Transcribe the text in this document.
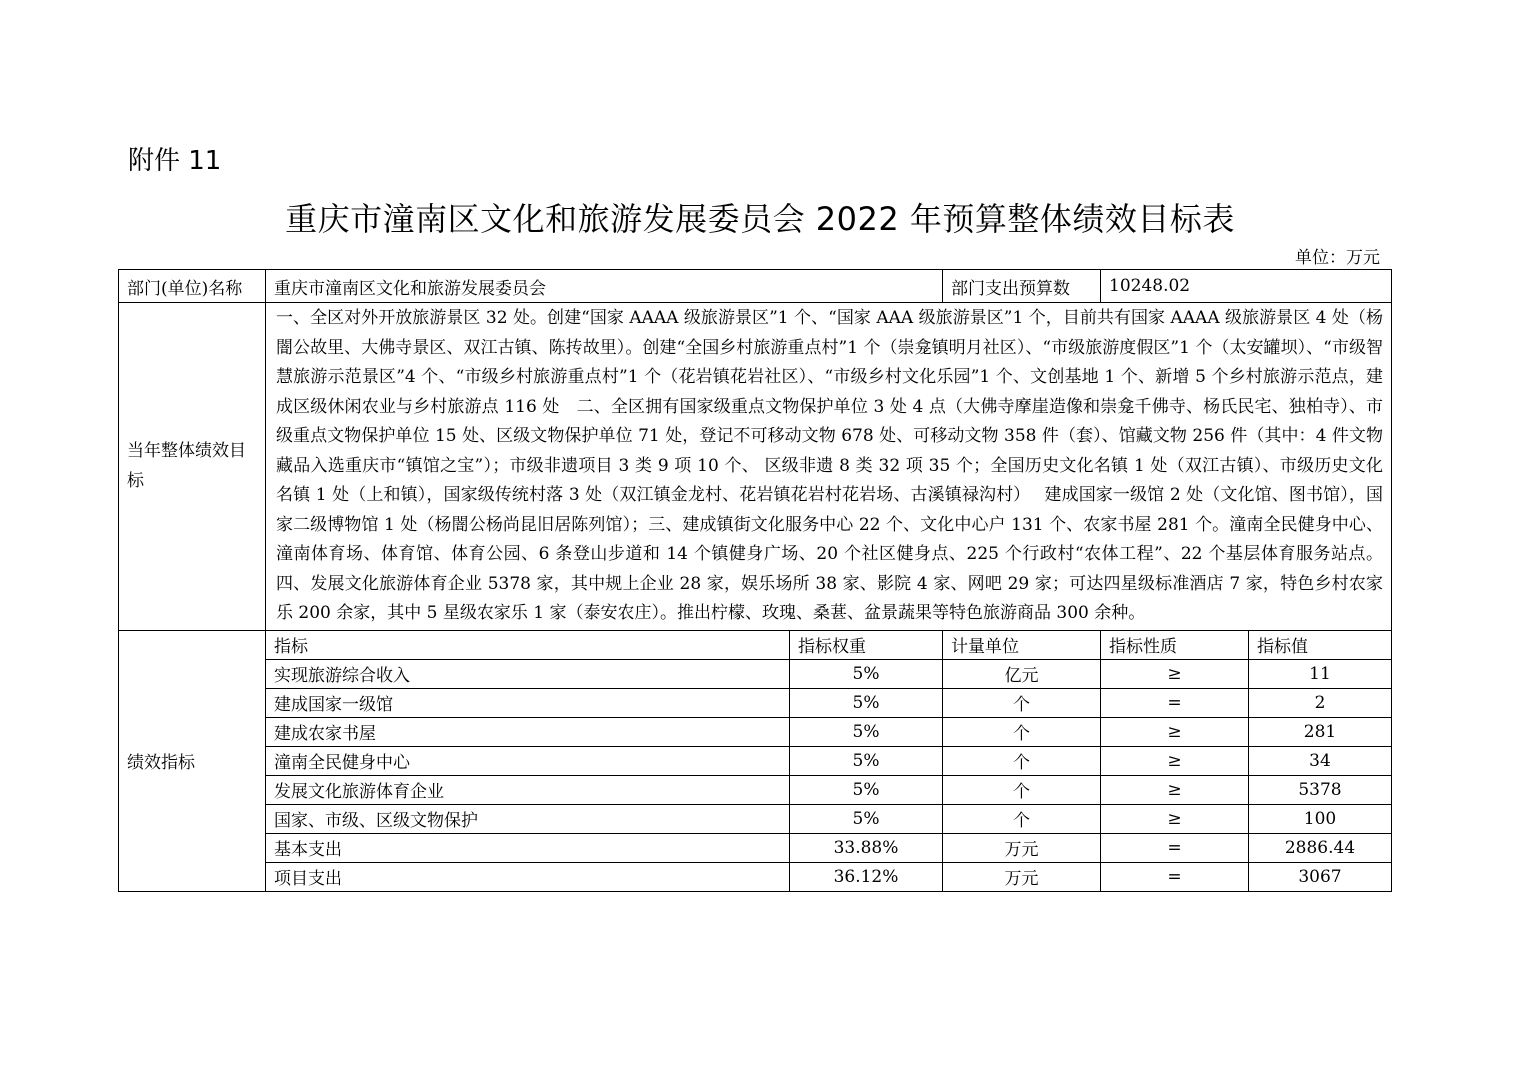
附件 11
重庆市潼南区文化和旅游发展委员会 2022 年预算整体绩效目标表
单位：万元
部门(单位)名称	重庆市潼南区文化和旅游发展委员会		部门支出预算数	10248.02	
当年整体绩效目标	一、全区对外开放旅游景区 32 处。创建“国家 AAAA 级旅游景区”1 个、“国家 AAA 级旅游景区”1 个，目前共有国家 AAAA 级旅游景区 4 处（杨闇公故里、大佛寺景区、双江古镇、陈抟故里）。创建“全国乡村旅游重点村”1 个（崇龛镇明月社区）、“市级旅游度假区”1 个（太安罐坝）、“市级智慧旅游示范景区”4 个、“市级乡村旅游重点村”1 个（花岩镇花岩社区）、“市级乡村文化乐园”1 个、文创基地 1 个、新增 5 个乡村旅游示范点，建成区级休闲农业与乡村旅游点 116 处　二、全区拥有国家级重点文物保护单位 3 处 4 点（大佛寺摩崖造像和崇龛千佛寺、杨氏民宅、独柏寺）、市级重点文物保护单位 15 处、区级文物保护单位 71 处，登记不可移动文物 678 处、可移动文物 358 件（套）、馆藏文物 256 件（其中：4 件文物藏品入选重庆市“镇馆之宝”）；市级非遗项目 3 类 9 项 10 个、 区级非遗 8 类 32 项 35 个；全国历史文化名镇 1 处（双江古镇）、市级历史文化名镇 1 处（上和镇），国家级传统村落 3 处（双江镇金龙村、花岩镇花岩村花岩场、古溪镇禄沟村）　 建成国家一级馆 2 处（文化馆、图书馆），国家二级博物馆 1 处（杨闇公杨尚昆旧居陈列馆）；三、建成镇街文化服务中心 22 个、文化中心户 131 个、农家书屋 281 个。潼南全民健身中心、潼南体育场、体育馆、体育公园、6 条登山步道和 14 个镇健身广场、20 个社区健身点、225 个行政村“农体工程”、22 个基层体育服务站点。四、发展文化旅游体育企业 5378 家，其中规上企业 28 家，娱乐场所 38 家、影院 4 家、网吧 29 家；可达四星级标准酒店 7 家，特色乡村农家乐 200 余家，其中 5 星级农家乐 1 家（泰安农庄）。推出柠檬、玫瑰、桑葚、盆景蔬果等特色旅游商品 300 余种。				
绩效指标	指标	指标权重	计量单位	指标性质	指标值
	实现旅游综合收入	5%	亿元	≥	11
	建成国家一级馆	5%	个	=	2
	建成农家书屋	5%	个	≥	281
	潼南全民健身中心	5%	个	≥	34
	发展文化旅游体育企业	5%	个	≥	5378
	国家、市级、区级文物保护	5%	个	≥	100
	基本支出	33.88%	万元	=	2886.44
	项目支出	36.12%	万元	=	3067
